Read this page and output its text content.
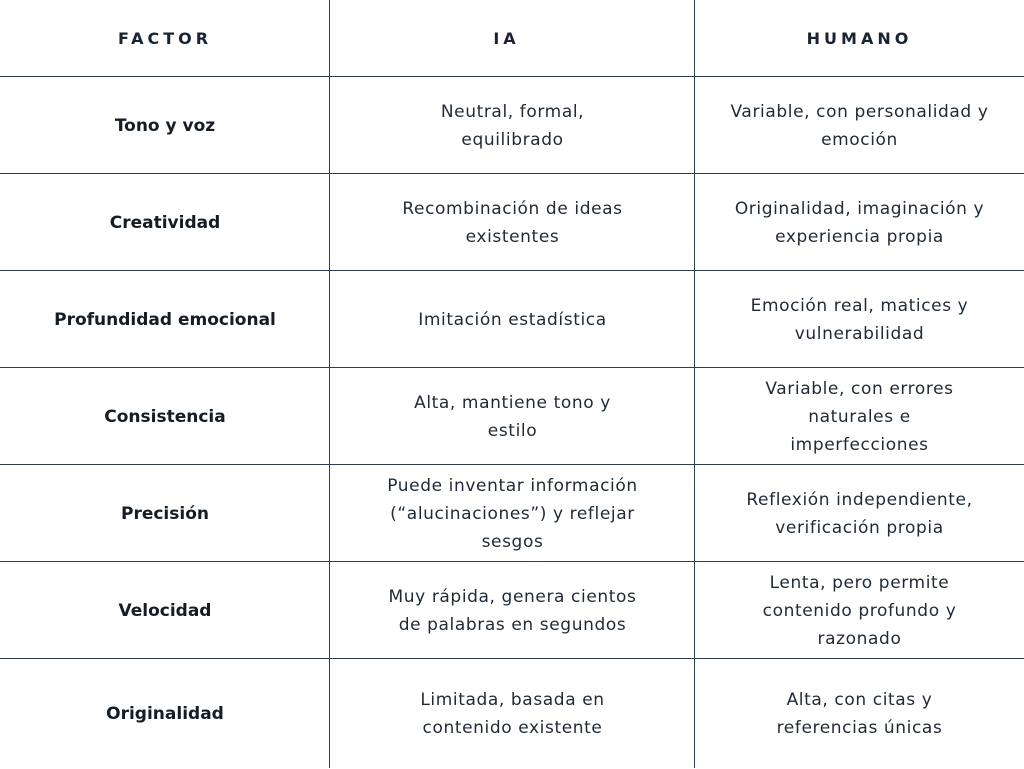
FACTOR	IA	HUMANO
Tono y voz	Neutral, formal, equilibrado	Variable, con personalidad y emoción
Creatividad	Recombinación de ideas existentes	Originalidad, imaginación y experiencia propia
Profundidad emocional	Imitación estadística	Emoción real, matices y vulnerabilidad
Consistencia	Alta, mantiene tono y estilo	Variable, con errores naturales e imperfecciones
Precisión	Puede inventar información (“alucinaciones”) y reflejar sesgos	Reflexión independiente, verificación propia
Velocidad	Muy rápida, genera cientos de palabras en segundos	Lenta, pero permite contenido profundo y razonado
Originalidad	Limitada, basada en contenido existente	Alta, con citas y referencias únicas
